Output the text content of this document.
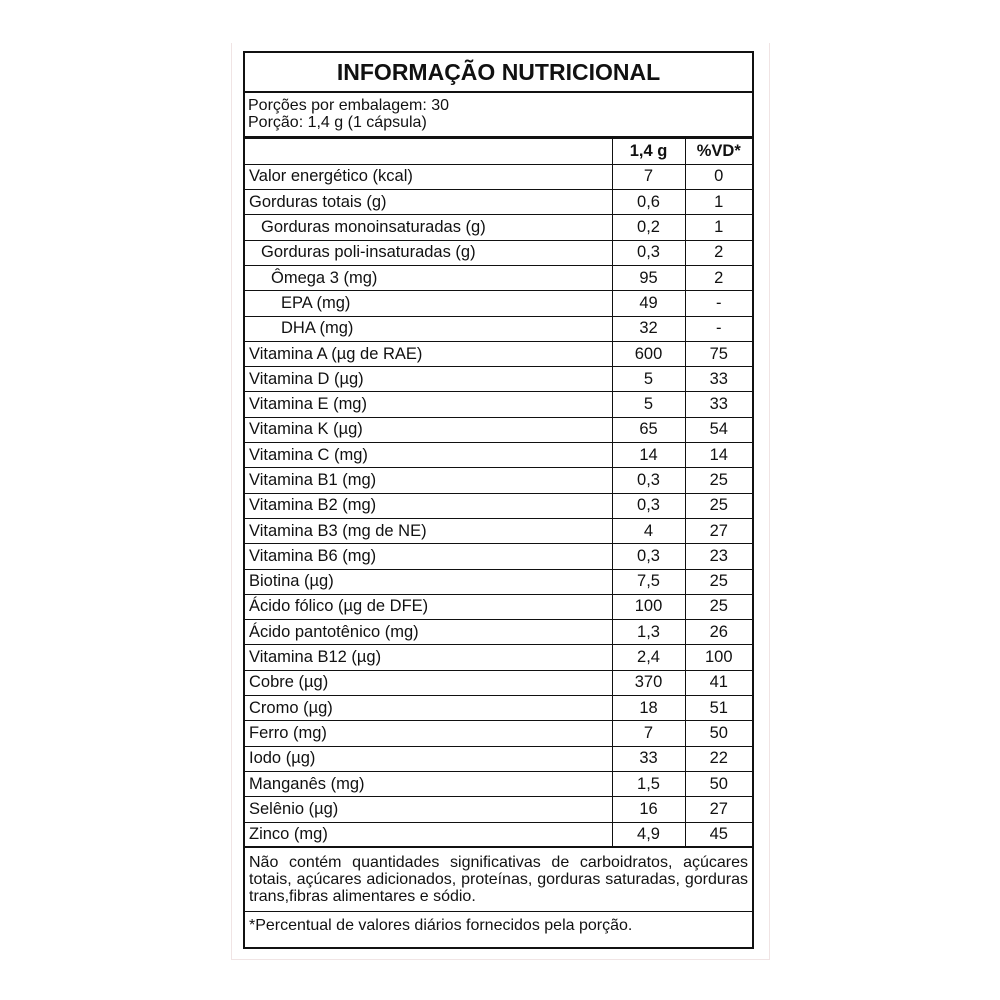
INFORMAÇÃO NUTRICIONAL
Porções por embalagem: 30
Porção: 1,4 g (1 cápsula)
	1,4 g	%VD*
Valor energético (kcal)	7	0
Gorduras totais (g)	0,6	1
Gorduras monoinsaturadas (g)	0,2	1
Gorduras poli-insaturadas (g)	0,3	2
Ômega 3 (mg)	95	2
EPA (mg)	49	-
DHA (mg)	32	-
Vitamina A (µg de RAE)	600	75
Vitamina D (µg)	5	33
Vitamina E (mg)	5	33
Vitamina K (µg)	65	54
Vitamina C (mg)	14	14
Vitamina B1 (mg)	0,3	25
Vitamina B2 (mg)	0,3	25
Vitamina B3 (mg de NE)	4	27
Vitamina B6 (mg)	0,3	23
Biotina (µg)	7,5	25
Ácido fólico (µg de DFE)	100	25
Ácido pantotênico (mg)	1,3	26
Vitamina B12 (µg)	2,4	100
Cobre (µg)	370	41
Cromo (µg)	18	51
Ferro (mg)	7	50
Iodo (µg)	33	22
Manganês (mg)	1,5	50
Selênio (µg)	16	27
Zinco (mg)	4,9	45
Não contém quantidades significativas de carboidratos, açúcares totais, açúcares adicionados, proteínas, gorduras saturadas, gorduras trans,fibras alimentares e sódio.
*Percentual de valores diários fornecidos pela porção.
